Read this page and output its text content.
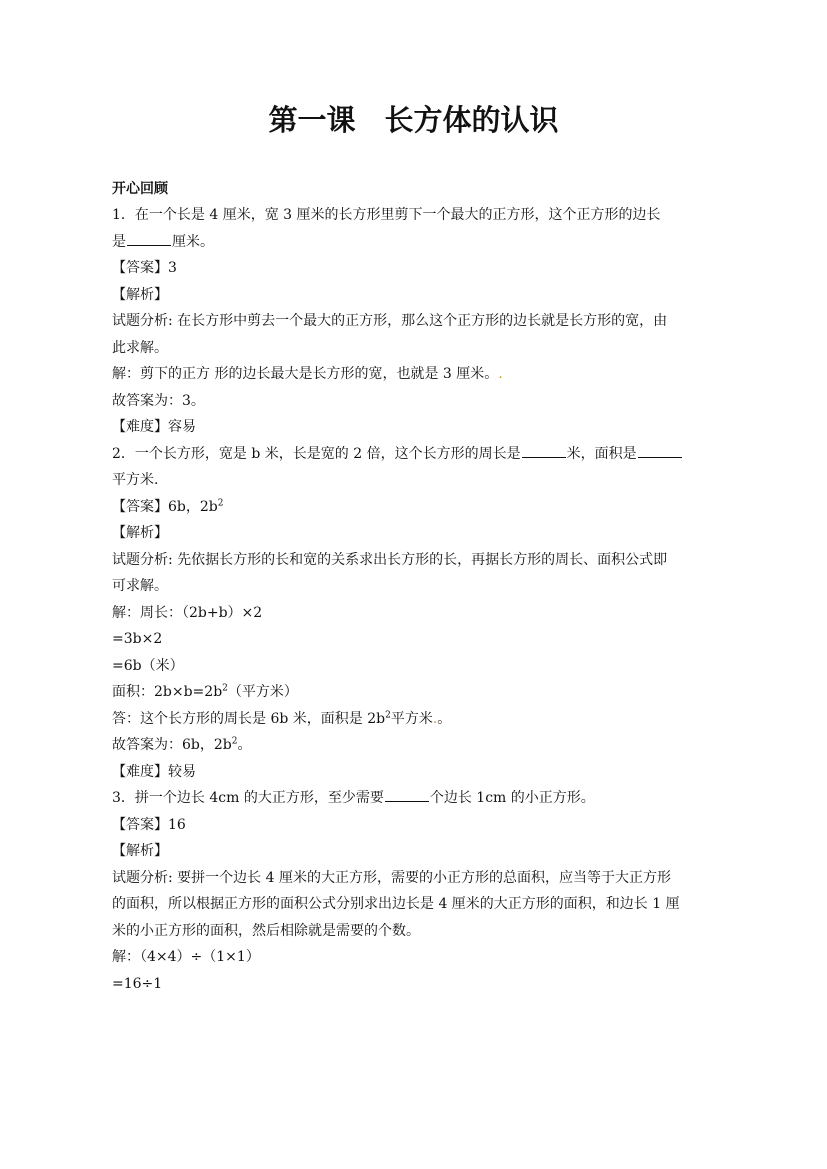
第一课　长方体的认识
开心回顾
1．在一个长是 4 厘米，宽 3 厘米的长方形里剪下一个最大的正方形，这个正方形的边长
是	厘米。
【答案】3
【解析】
试题分析: 在长方形中剪去一个最大的正方形，那么这个正方形的边长就是长方形的宽，由
此求解。
解：剪下的正方 形的边长最大是长方形的宽，也就是 3 厘米。.
故答案为：3。
【难度】容易
2．一个长方形，宽是 b 米，长是宽的 2 倍，这个长方形的周长是	米，面积是
平方米.
【答案】6b，$2b^2$
【解析】
试题分析: 先依据长方形的长和宽的关系求出长方形的长，再据长方形的周长、面积公式即
可求解。
解：周长：（2b+b）×2
=3b×2
=6b（米）
面积：$2b\times b=2b^2$（平方米）
答：这个长方形的周长是 6b 米，面积是 $2b^2$平方米.。
故答案为：6b，$2b^2$。
【难度】较易
3．拼一个边长 4cm 的大正方形，至少需要	个边长 1cm 的小正方形。
【答案】16
【解析】
试题分析: 要拼一个边长 4 厘米的大正方形，需要的小正方形的总面积，应当等于大正方形
的面积，所以根据正方形的面积公式分别求出边长是 4 厘米的大正方形的面积，和边长 1 厘
米的小正方形的面积，然后相除就是需要的个数。
解：（4×4）÷（1×1）
=16÷1
